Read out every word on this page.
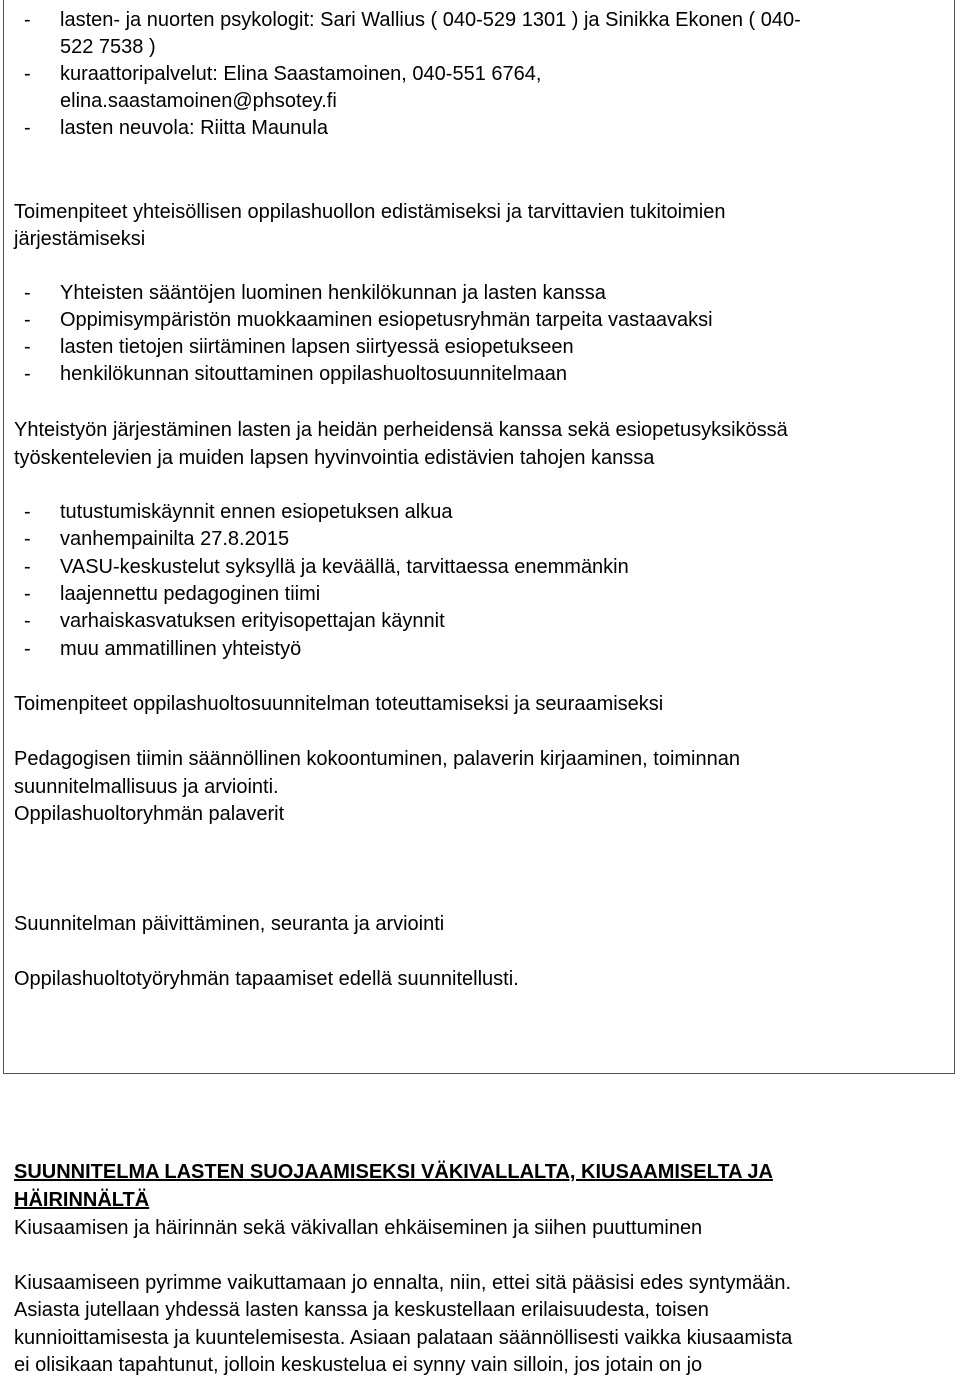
- lasten- ja nuorten psykologit: Sari Wallius ( 040-529 1301 ) ja Sinikka Ekonen ( 040-
522 7538 )
- kuraattoripalvelut: Elina Saastamoinen, 040-551 6764,
elina.saastamoinen@phsotey.fi
- lasten neuvola: Riitta Maunula
Toimenpiteet yhteisöllisen oppilashuollon edistämiseksi ja tarvittavien tukitoimien
järjestämiseksi
- Yhteisten sääntöjen luominen henkilökunnan ja lasten kanssa
- Oppimisympäristön muokkaaminen esiopetusryhmän tarpeita vastaavaksi
- lasten tietojen siirtäminen lapsen siirtyessä esiopetukseen
- henkilökunnan sitouttaminen oppilashuoltosuunnitelmaan
Yhteistyön järjestäminen lasten ja heidän perheidensä kanssa sekä esiopetusyksikössä
työskentelevien ja muiden lapsen hyvinvointia edistävien tahojen kanssa
- tutustumiskäynnit ennen esiopetuksen alkua
- vanhempainilta 27.8.2015
- VASU-keskustelut syksyllä ja keväällä, tarvittaessa enemmänkin
- laajennettu pedagoginen tiimi
- varhaiskasvatuksen erityisopettajan käynnit
- muu ammatillinen yhteistyö
Toimenpiteet oppilashuoltosuunnitelman toteuttamiseksi ja seuraamiseksi
Pedagogisen tiimin säännöllinen kokoontuminen, palaverin kirjaaminen, toiminnan
suunnitelmallisuus ja arviointi.
Oppilashuoltoryhmän palaverit
Suunnitelman päivittäminen, seuranta ja arviointi
Oppilashuoltotyöryhmän tapaamiset edellä suunnitellusti.
SUUNNITELMA LASTEN SUOJAAMISEKSI VÄKIVALLALTA, KIUSAAMISELTA JA
HÄIRINNÄLTÄ
Kiusaamisen ja häirinnän sekä väkivallan ehkäiseminen ja siihen puuttuminen
Kiusaamiseen pyrimme vaikuttamaan jo ennalta, niin, ettei sitä pääsisi edes syntymään.
Asiasta jutellaan yhdessä lasten kanssa ja keskustellaan erilaisuudesta, toisen
kunnioittamisesta ja kuuntelemisesta. Asiaan palataan säännöllisesti vaikka kiusaamista
ei olisikaan tapahtunut, jolloin keskustelua ei synny vain silloin, jos jotain on jo
